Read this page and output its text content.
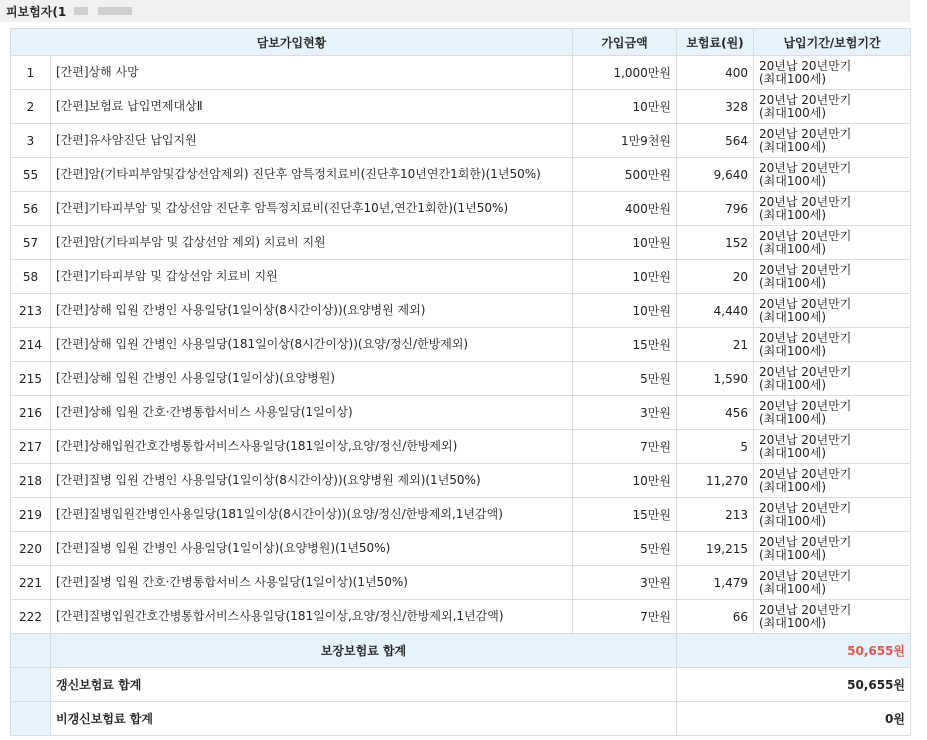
피보험자(1
담보가입현황		가입금액	보험료(원)	납입기간/보험기간
1	[간편]상해 사망	1,000만원	400	20년납 20년만기
(최대100세)

2	[간편]보험료 납입면제대상Ⅱ	10만원	328	20년납 20년만기
(최대100세)

3	[간편]유사암진단 납입지원	1만9천원	564	20년납 20년만기
(최대100세)

55	[간편]암(기타피부암및갑상선암제외) 진단후 암특정치료비(진단후10년연간1회한)(1년50%)	500만원	9,640	20년납 20년만기
(최대100세)

56	[간편]기타피부암 및 갑상선암 진단후 암특정치료비(진단후10년,연간1회한)(1년50%)	400만원	796	20년납 20년만기
(최대100세)

57	[간편]암(기타피부암 및 갑상선암 제외) 치료비 지원	10만원	152	20년납 20년만기
(최대100세)

58	[간편]기타피부암 및 갑상선암 치료비 지원	10만원	20	20년납 20년만기
(최대100세)

213	[간편]상해 입원 간병인 사용일당(1일이상(8시간이상))(요양병원 제외)	10만원	4,440	20년납 20년만기
(최대100세)

214	[간편]상해 입원 간병인 사용일당(181일이상(8시간이상))(요양/정신/한방제외)	15만원	21	20년납 20년만기
(최대100세)

215	[간편]상해 입원 간병인 사용일당(1일이상)(요양병원)	5만원	1,590	20년납 20년만기
(최대100세)

216	[간편]상해 입원 간호·간병통합서비스 사용일당(1일이상)	3만원	456	20년납 20년만기
(최대100세)

217	[간편]상해입원간호간병통합서비스사용일당(181일이상,요양/정신/한방제외)	7만원	5	20년납 20년만기
(최대100세)

218	[간편]질병 입원 간병인 사용일당(1일이상(8시간이상))(요양병원 제외)(1년50%)	10만원	11,270	20년납 20년만기
(최대100세)

219	[간편]질병입원간병인사용일당(181일이상(8시간이상))(요양/정신/한방제외,1년감액)	15만원	213	20년납 20년만기
(최대100세)

220	[간편]질병 입원 간병인 사용일당(1일이상)(요양병원)(1년50%)	5만원	19,215	20년납 20년만기
(최대100세)

221	[간편]질병 입원 간호·간병통합서비스 사용일당(1일이상)(1년50%)	3만원	1,479	20년납 20년만기
(최대100세)

222	[간편]질병입원간호간병통합서비스사용일당(181일이상,요양/정신/한방제외,1년감액)	7만원	66	20년납 20년만기
(최대100세)

	보장보험료 합계		50,655원	
	갱신보험료 합계		50,655원	
	비갱신보험료 합계		0원	
